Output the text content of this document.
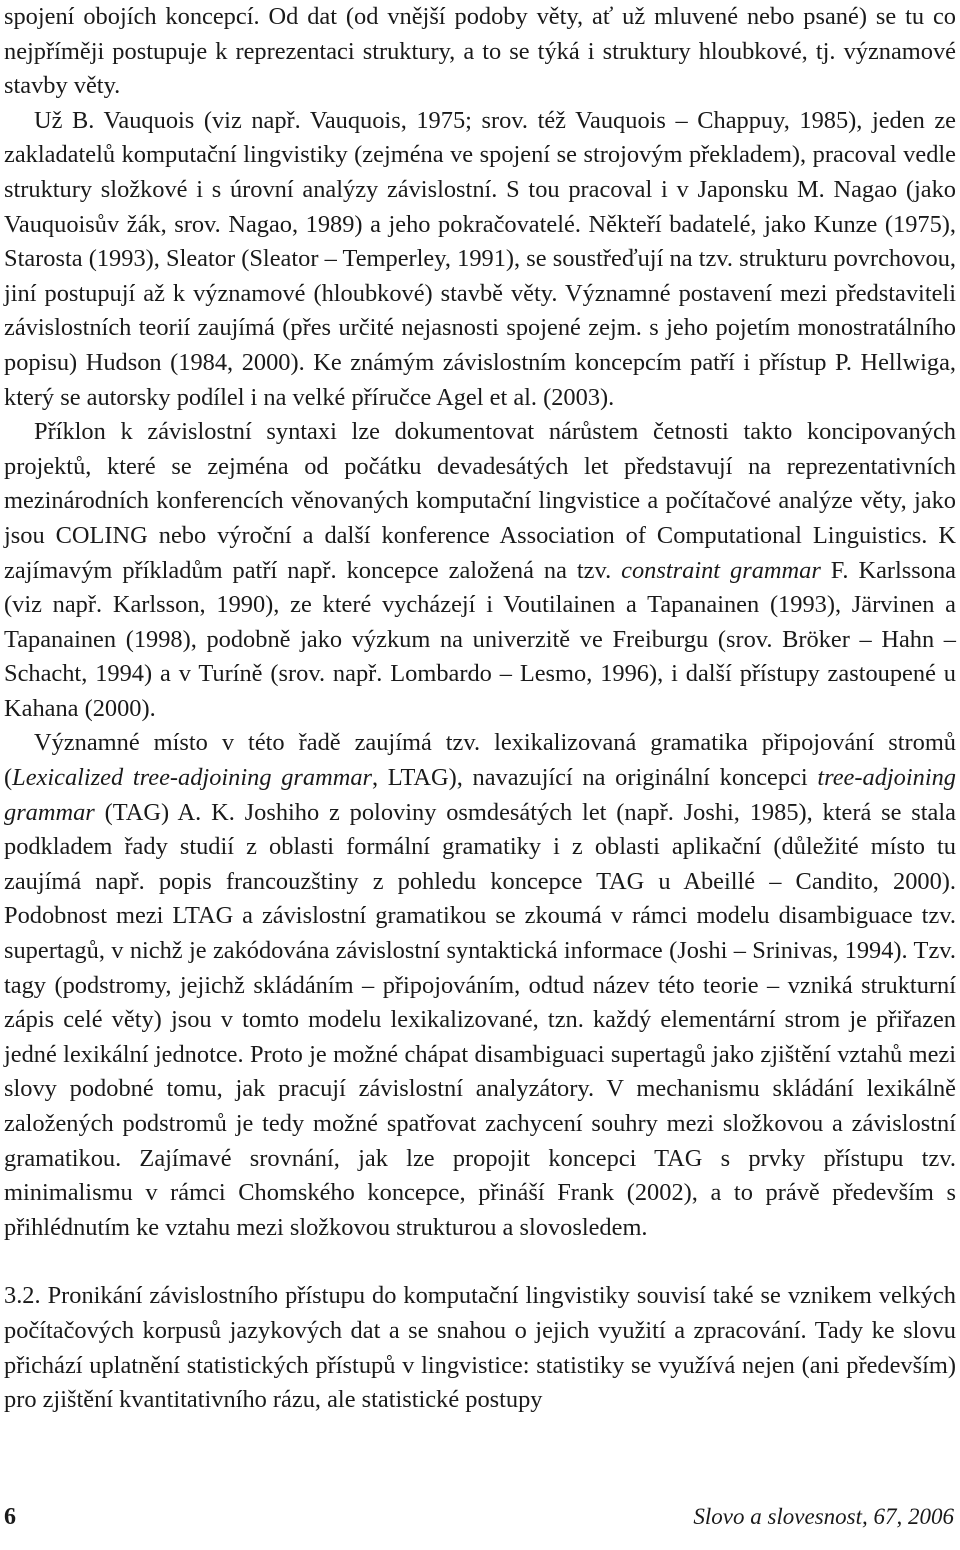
spojení obojích koncepcí. Od dat (od vnější podoby věty, ať už mluvené nebo psané) se tu co nejpříměji postupuje k reprezentaci struktury, a to se týká i struktury hloubkové, tj. významové stavby věty.

Už B. Vauquois (viz např. Vauquois, 1975; srov. též Vauquois – Chappuy, 1985), jeden ze zakladatelů komputační lingvistiky (zejména ve spojení se strojovým překladem), pracoval vedle struktury složkové i s úrovní analýzy závislostní. S tou pracoval i v Japonsku M. Nagao (jako Vauquoisův žák, srov. Nagao, 1989) a jeho pokračovatelé. Někteří badatelé, jako Kunze (1975), Starosta (1993), Sleator (Sleator – Temperley, 1991), se soustřeďují na tzv. strukturu povrchovou, jiní postupují až k významové (hloubkové) stavbě věty. Významné postavení mezi představiteli závislostních teorií zaujímá (přes určité nejasnosti spojené zejm. s jeho pojetím monostratálního popisu) Hudson (1984, 2000). Ke známým závislostním koncepcím patří i přístup P. Hellwiga, který se autorsky podílel i na velké příručce Agel et al. (2003).

Příklon k závislostní syntaxi lze dokumentovat nárůstem četnosti takto koncipovaných projektů, které se zejména od počátku devadesátých let představují na reprezentativních mezinárodních konferencích věnovaných komputační lingvistice a počítačové analýze věty, jako jsou COLING nebo výroční a další konference Association of Computational Linguistics. K zajímavým příkladům patří např. koncepce založená na tzv. constraint grammar F. Karlssona (viz např. Karlsson, 1990), ze které vycházejí i Voutilainen a Tapanainen (1993), Järvinen a Tapanainen (1998), podobně jako výzkum na univerzitě ve Freiburgu (srov. Bröker – Hahn – Schacht, 1994) a v Turíně (srov. např. Lombardo – Lesmo, 1996), i další přístupy zastoupené u Kahana (2000).

Významné místo v této řadě zaujímá tzv. lexikalizovaná gramatika připojování stromů (Lexicalized tree-adjoining grammar, LTAG), navazující na originální koncepci tree-adjoining grammar (TAG) A. K. Joshiho z poloviny osmdesátých let (např. Joshi, 1985), která se stala podkladem řady studií z oblasti formální gramatiky i z oblasti aplikační (důležité místo tu zaujímá např. popis francouzštiny z pohledu koncepce TAG u Abeillé – Candito, 2000). Podobnost mezi LTAG a závislostní gramatikou se zkoumá v rámci modelu disambiguace tzv. supertagů, v nichž je zakódována závislostní syntaktická informace (Joshi – Srinivas, 1994). Tzv. tagy (podstromy, jejichž skládáním – připojováním, odtud název této teorie – vzniká strukturní zápis celé věty) jsou v tomto modelu lexikalizované, tzn. každý elementární strom je přiřazen jedné lexikální jednotce. Proto je možné chápat disambiguaci supertagů jako zjištění vztahů mezi slovy podobné tomu, jak pracují závislostní analyzátory. V mechanismu skládání lexikálně založených podstromů je tedy možné spatřovat zachycení souhry mezi složkovou a závislostní gramatikou. Zajímavé srovnání, jak lze propojit koncepci TAG s prvky přístupu tzv. minimalismu v rámci Chomského koncepce, přináší Frank (2002), a to právě především s přihlédnutím ke vztahu mezi složkovou strukturou a slovosledem.

3.2. Pronikání závislostního přístupu do komputační lingvistiky souvisí také se vznikem velkých počítačových korpusů jazykových dat a se snahou o jejich využití a zpracování. Tady ke slovu přichází uplatnění statistických přístupů v lingvistice: statistiky se využívá nejen (ani především) pro zjištění kvantitativního rázu, ale statistické postupy

6	Slovo a slovesnost, 67, 2006
